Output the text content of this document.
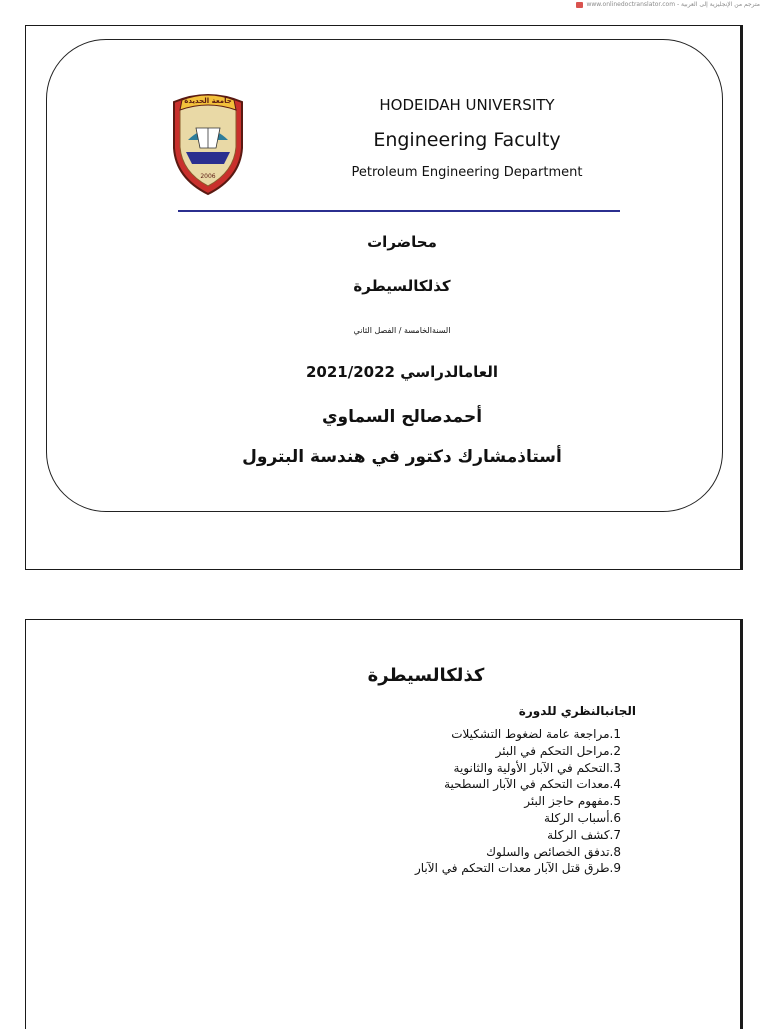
www.onlinedoctranslator.com - مترجم من الإنجليزية إلى العربية
2006
جامعة الحديدة	HODEIDAH UNIVERSITY
Engineering Faculty
Petroleum Engineering Department
محاضرات
كذلكالسيطرة
السنةالخامسة / الفصل الثاني
العامالدراسي 2021/2022
أحمدصالح السماوي
أستاذمشارك دكتور في هندسة البترول
كذلكالسيطرة
الجانبالنظري للدورة
1.مراجعة عامة لضغوط التشكيلات
2.مراحل التحكم في البئر
3.التحكم في الآبار الأولية والثانوية
4.معدات التحكم في الآبار السطحية
5.مفهوم حاجز البئر
6.أسباب الركلة
7.كشف الركلة
8.تدفق الخصائص والسلوك
9.طرق قتل الآبار معدات التحكم في الآبار
